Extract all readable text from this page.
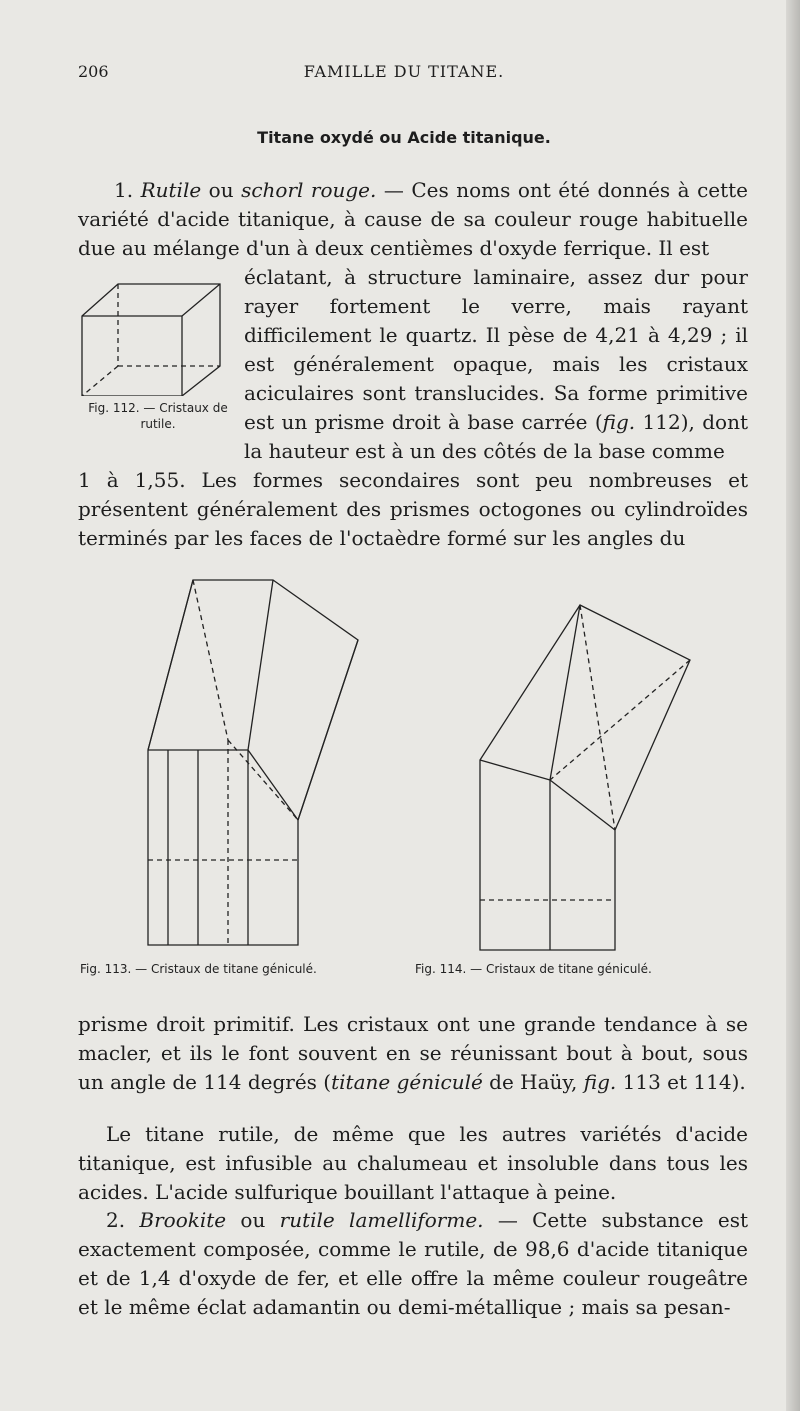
206	FAMILLE DU TITANE.
Titane oxydé ou Acide titanique.

1. Rutile ou schorl rouge. — Ces noms ont été donnés à cette variété d'acide titanique, à cause de sa couleur rouge habituelle due au mélange d'un à deux centièmes d'oxyde ferrique. Il est

Fig. 112. — Cristaux de rutile.

éclatant, à structure laminaire, assez dur pour rayer fortement le verre, mais rayant difficilement le quartz. Il pèse de 4,21 à 4,29 ; il est généralement opaque, mais les cristaux aciculaires sont translucides. Sa forme primitive est un prisme droit à base carrée (fig. 112), dont la hauteur est à un des côtés de la base comme

1 à 1,55. Les formes secondaires sont peu nombreuses et présentent généralement des prismes octogones ou cylindroïdes terminés par les faces de l'octaèdre formé sur les angles du

Fig. 113. — Cristaux de titane géniculé.	Fig. 114. — Cristaux de titane géniculé.

prisme droit primitif. Les cristaux ont une grande tendance à se macler, et ils le font souvent en se réunissant bout à bout, sous un angle de 114 degrés (titane géniculé de Haüy, fig. 113 et 114).

Le titane rutile, de même que les autres variétés d'acide titanique, est infusible au chalumeau et insoluble dans tous les acides. L'acide sulfurique bouillant l'attaque à peine.

2. Brookite ou rutile lamelliforme. — Cette substance est exactement composée, comme le rutile, de 98,6 d'acide titanique et de 1,4 d'oxyde de fer, et elle offre la même couleur rougeâtre et le même éclat adamantin ou demi-métallique ; mais sa pesan-
